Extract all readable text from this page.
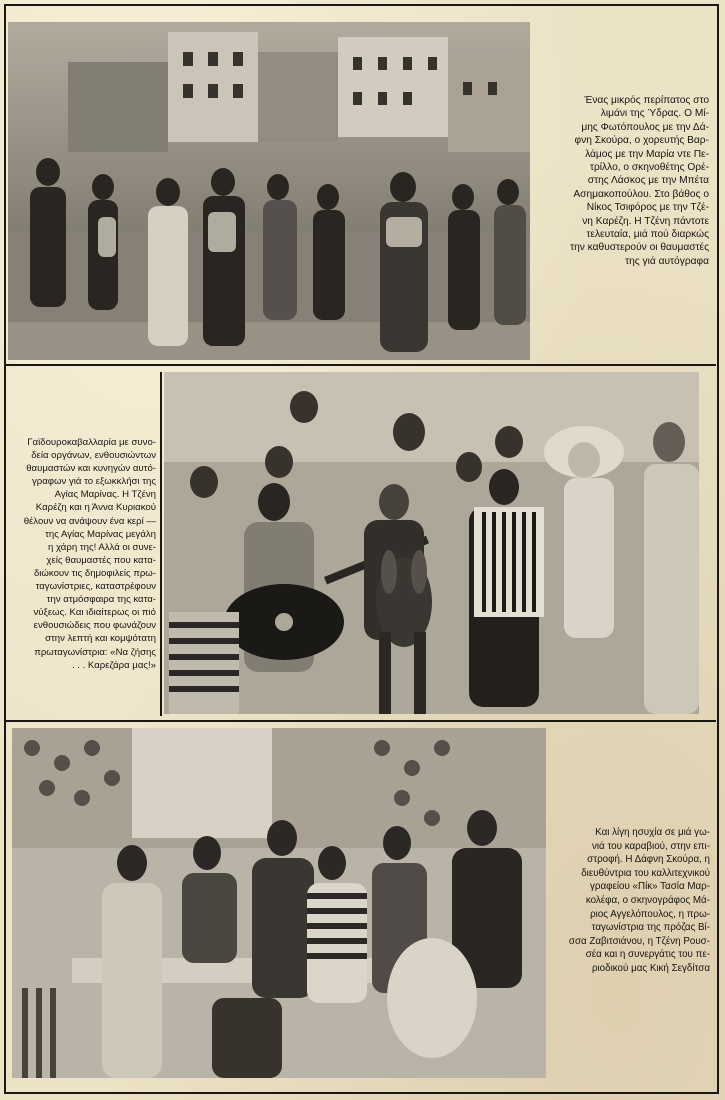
Ένας μικρός περίπατος στο
λιμάνι της Ύδρας. Ο Μί-
μης Φωτόπουλος με την Δά-
φνη Σκούρα, ο χορευτής Βαρ-
λάμος με την Μαρία ντε Πε-
τρίλλο, ο σκηνοθέτης Ορέ-
στης Λάσκος με την Μπέτα
Ασημακοπούλου. Στο βάθος ο
Νίκος Τσιφόρος με την Τζέ-
νη Καρέζη. Η Τζένη πάντοτε
τελευταία, μιά πού διαρκώς
την καθυστερούν οι θαυμαστές
της γιά αυτόγραφα
Γαϊδουροκαβαλλαρία με συνο-
δεία οργάνων, ενθουσιώντων
θαυμαστών και κυνηγών αυτό-
γραφων γιά το εξωκκλήσι της
Αγίας Μαρίνας. Η Τζένη
Καρέζη και η Άννα Κυριακού
θέλουν να ανάψουν ένα κερί —
της Αγίας Μαρίνας μεγάλη
η χάρη της! Αλλά οι συνε-
χείς θαυμαστές που κατα-
διώκουν τις δημοφιλείς πρω-
ταγωνίστριες, καταστρέφουν
την ατμόσφαιρα της κατα-
νύξεως. Και ιδιαίτερως οι πιό
ενθουσιώδεις που φωνάζουν
στην λεπτή και κομψότατη
πρωταγωνίστρια: «Να ζήσης
. . . Καρεζάρα μας!»
Και λίγη ησυχία σε μιά γω-
νιά του καραβιού, στην επι-
στροφή. Η Δάφνη Σκούρα, η
διευθύντρια του καλλιτεχνικού
γραφείου «Πίκ» Τασία Μαρ-
κολέφα, ο σκηνογράφος Μά-
ριος Αγγελόπουλος, η πρω-
ταγωνίστρια της πρόζας Βί-
σσα Ζαβιτσιάνου, η Τζένη Ρουσ-
σέα και η συνεργάτις του πε-
ριοδικού μας Κική Σεγδίτσα
